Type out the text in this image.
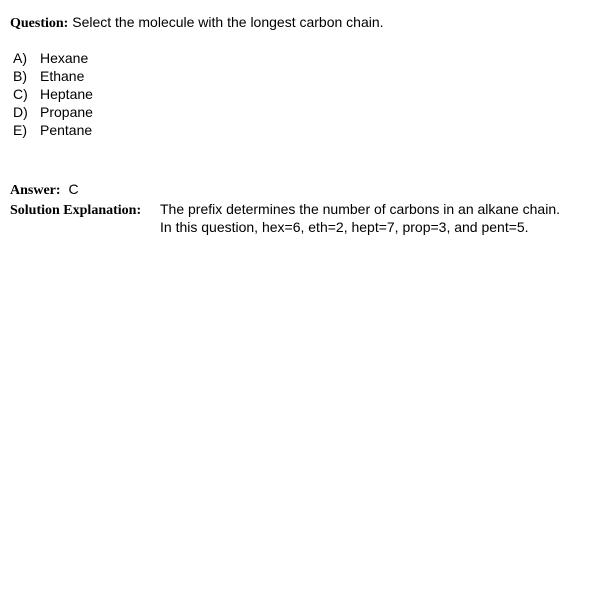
Question: Select the molecule with the longest carbon chain.
A) Hexane
B) Ethane
C) Heptane
D) Propane
E) Pentane
Answer: C
Solution Explanation:	The prefix determines the number of carbons in an alkane chain.
In this question, hex=6, eth=2, hept=7, prop=3, and pent=5.
